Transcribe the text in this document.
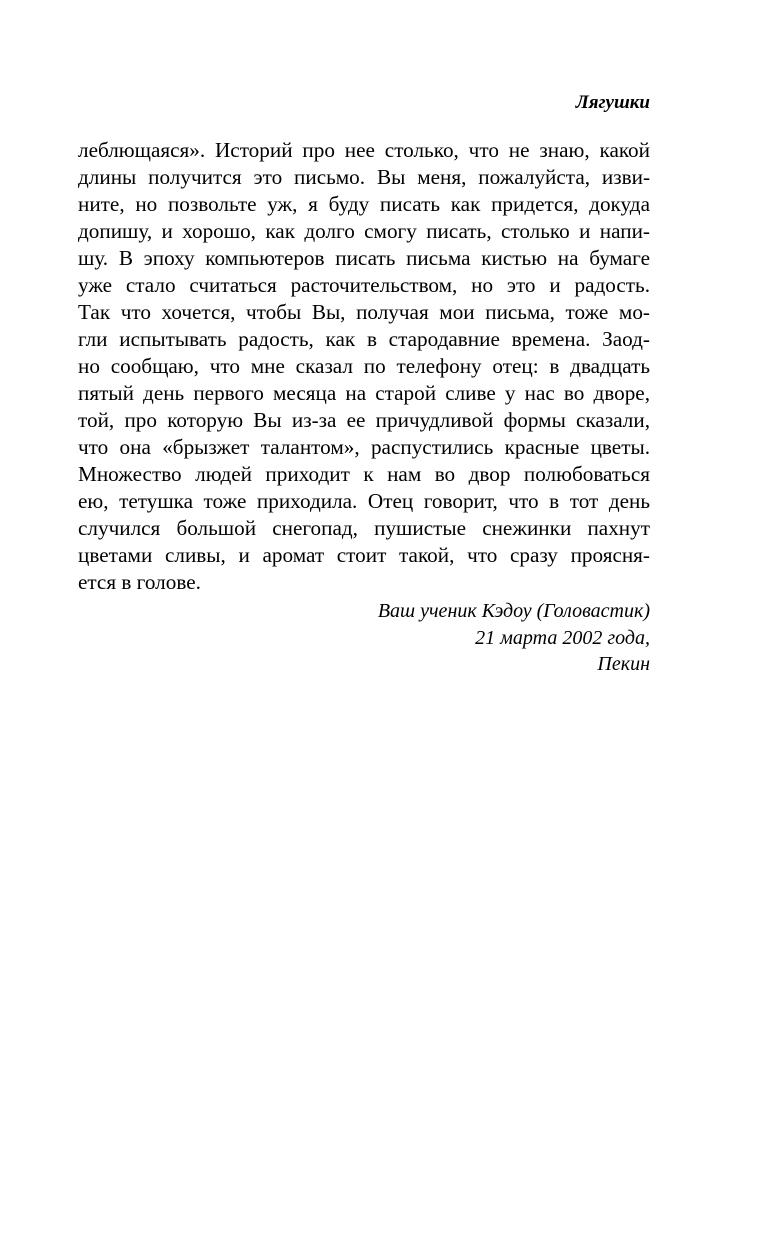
Лягушки
леблющаяся». Историй про нее столько, что не знаю, какой
длины получится это письмо. Вы меня, пожалуйста, изви-
ните, но позвольте уж, я буду писать как придется, докуда
допишу, и хорошо, как долго смогу писать, столько и напи-
шу. В эпоху компьютеров писать письма кистью на бумаге
уже стало считаться расточительством, но это и радость.
Так что хочется, чтобы Вы, получая мои письма, тоже мо-
гли испытывать радость, как в стародавние времена. Заод-
но сообщаю, что мне сказал по телефону отец: в двадцать
пятый день первого месяца на старой сливе у нас во дворе,
той, про которую Вы из-за ее причудливой формы сказали,
что она «брызжет талантом», распустились красные цветы.
Множество людей приходит к нам во двор полюбоваться
ею, тетушка тоже приходила. Отец говорит, что в тот день
случился большой снегопад, пушистые снежинки пахнут
цветами сливы, и аромат стоит такой, что сразу проясня-
ется в голове.
Ваш ученик Кэдоу (Головастик)
21 марта 2002 года,
Пекин
